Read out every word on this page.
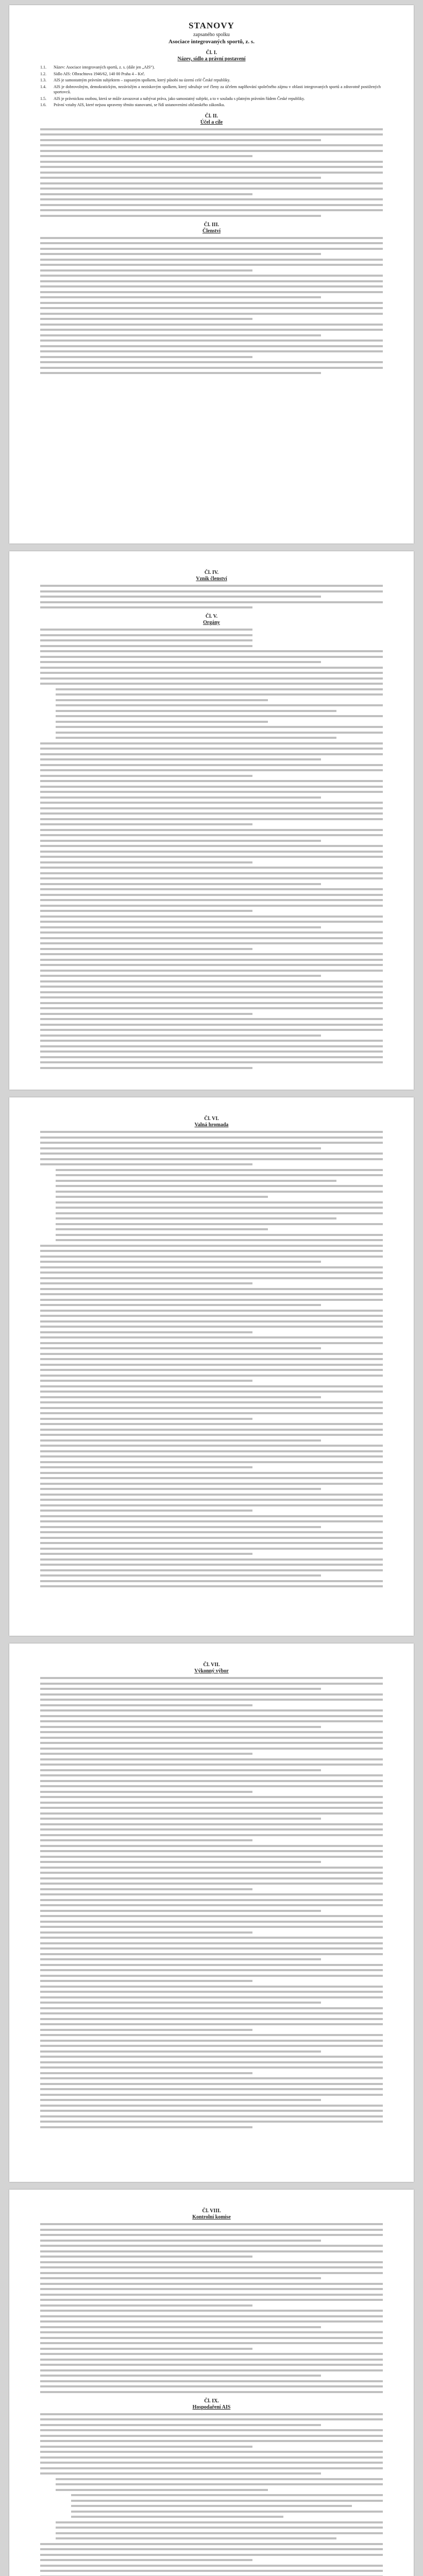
STANOVY
zapsaného spolku
Asociace integrovaných sportů, z. s.
Čl. I.
Název, sídlo a právní postavení
1.1. Název: Asociace integrovaných sportů, z. s. (dále jen „AIS“).
1.2. Sídlo AIS: Olbrachtova 1946/62, 140 00 Praha 4 – Krč.
1.3. AIS je samostatným právním subjektem – zapsaným spolkem, který působí na území celé České republiky.
1.4. AIS je dobrovolným, demokratickým, nezávislým a neziskovým spolkem, který sdružuje své členy za účelem naplňování společného zájmu v oblasti integrovaných sportů a zdravotně postižených sportovců.
1.5. AIS je právnickou osobou, která se může zavazovat a nabývat práva, jako samostatný subjekt, a to v souladu s platným právním řádem České republiky.
1.6. Právní vztahy AIS, které nejsou upraveny těmito stanovami, se řídí ustanoveními občanského zákoníku.
Čl. II.
Účel a cíle
Čl. III.
Členství
Čl. IV.
Vznik členství
Čl. V.
Orgány
Čl. VI.
Valná hromada
Čl. VII.
Výkonný výbor
Čl. VIII.
Kontrolní komise
Čl. IX.
Hospodaření AIS
